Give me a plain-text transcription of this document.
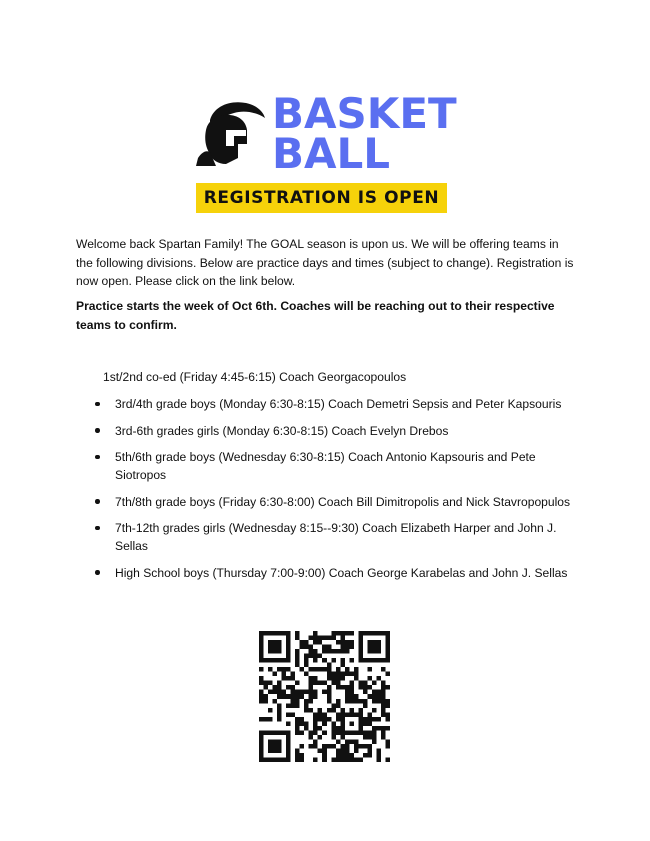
BASKET
BALL
REGISTRATION IS OPEN
Welcome back Spartan Family! The GOAL season is upon us. We will be offering teams in the following divisions. Below are practice days and times (subject to change). Registration is now open. Please click on the link below.
Practice starts the week of Oct 6th. Coaches will be reaching out to their respective teams to confirm.
1st/2nd co-ed (Friday 4:45-6:15) Coach Georgacopoulos
3rd/4th grade boys (Monday 6:30-8:15) Coach Demetri Sepsis and Peter Kapsouris
3rd-6th grades girls (Monday 6:30-8:15) Coach Evelyn Drebos
5th/6th grade boys (Wednesday 6:30-8:15) Coach Antonio Kapsouris and Pete Siotropos
7th/8th grade boys (Friday 6:30-8:00) Coach Bill Dimitropolis and Nick Stavropopulos
7th-12th grades girls (Wednesday 8:15--9:30) Coach Elizabeth Harper and John J. Sellas
High School boys (Thursday 7:00-9:00) Coach George Karabelas and John J. Sellas
